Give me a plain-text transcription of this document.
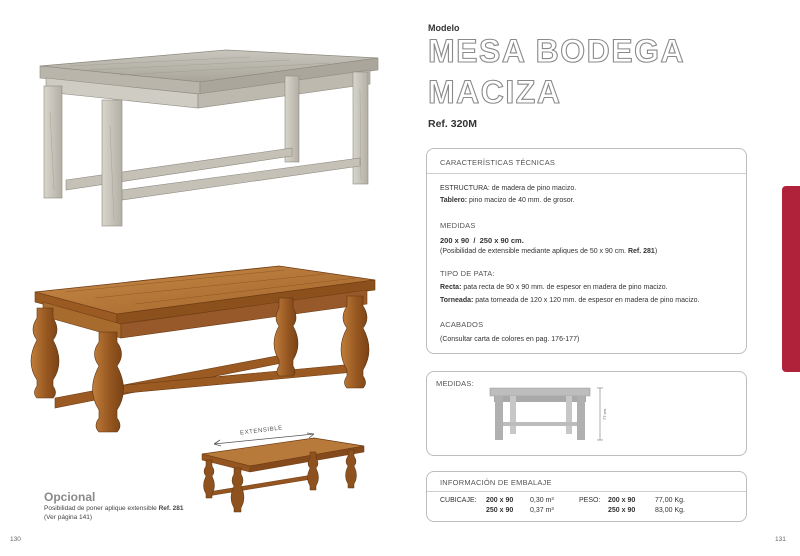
EXTENSIBLE
Opcional
Posibilidad de poner aplique extensible Ref. 281
(Ver página 141)
130
Modelo
MESA BODEGA
MACIZA
Ref. 320M
CARACTERÍSTICAS TÉCNICAS
ESTRUCTURA: de madera de pino macizo.
Tablero: pino macizo de 40 mm. de grosor.
MEDIDAS
200 x 90  /  250 x 90 cm.
(Posibilidad de extensible mediante apliques de 50 x 90 cm. Ref. 281)
TIPO DE PATA:
Recta: pata recta de 90 x 90 mm. de espesor en madera de pino macizo.
Torneada: pata torneada de 120 x 120 mm. de espesor en madera de pino macizo.
ACABADOS
(Consultar carta de colores en pag. 176-177)
MEDIDAS:
77 cm.
INFORMACIÓN DE EMBALAJE
CUBICAJE:	PESO:
200 x 90 0,30 m³	200 x 90	77,00 Kg.
250 x 90 0,37 m³	250 x 90	83,00 Kg.
MESAS PINO
131
